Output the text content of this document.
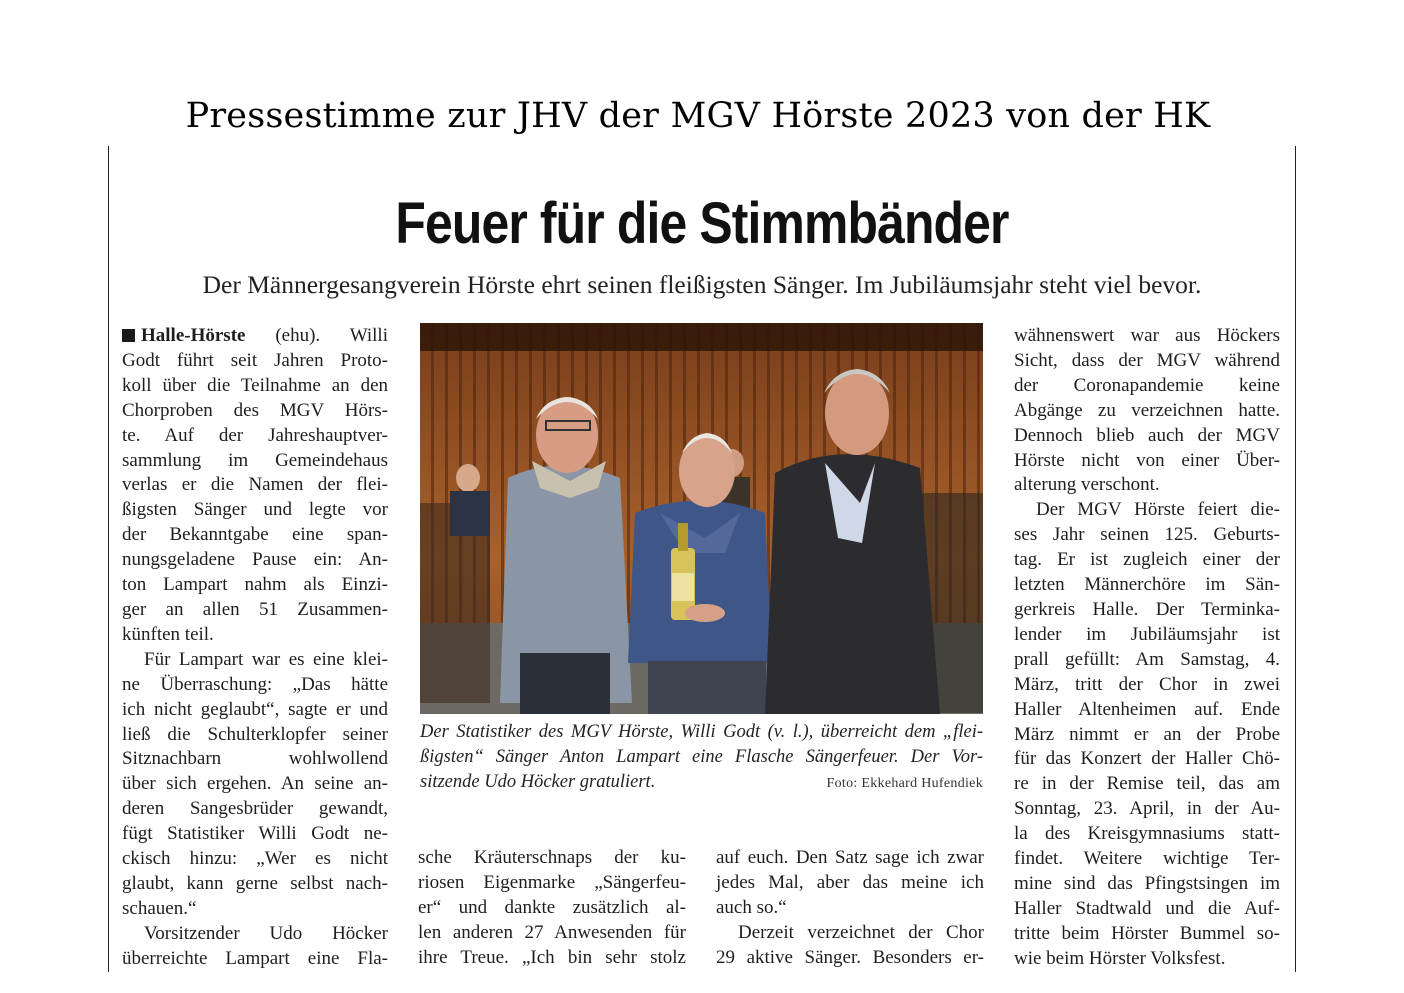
Pressestimme zur JHV der MGV Hörste 2023 von der HK
Feuer für die Stimmbänder
Der Männergesangverein Hörste ehrt seinen fleißigsten Sänger. Im Jubiläumsjahr steht viel bevor.
Halle-Hörste (ehu). Willi
Godt führt seit Jahren Proto-
koll über die Teilnahme an den
Chorproben des MGV Hörs-
te. Auf der Jahreshauptver-
sammlung im Gemeindehaus
verlas er die Namen der flei-
ßigsten Sänger und legte vor
der Bekanntgabe eine span-
nungsgeladene Pause ein: An-
ton Lampart nahm als Einzi-
ger an allen 51 Zusammen-
künften teil.
Für Lampart war es eine klei-
ne Überraschung: „Das hätte
ich nicht geglaubt“, sagte er und
ließ die Schulterklopfer seiner
Sitznachbarn wohlwollend
über sich ergehen. An seine an-
deren Sangesbrüder gewandt,
fügt Statistiker Willi Godt ne-
ckisch hinzu: „Wer es nicht
glaubt, kann gerne selbst nach-
schauen.“
Vorsitzender Udo Höcker
überreichte Lampart eine Fla-
Der Statistiker des MGV Hörste, Willi Godt (v. l.), überreicht dem „flei-
ßigsten“ Sänger Anton Lampart eine Flasche Sängerfeuer. Der Vor-
sitzende Udo Höcker gratuliert.	Foto: Ekkehard Hufendiek
sche Kräuterschnaps der ku-
riosen Eigenmarke „Sängerfeu-
er“ und dankte zusätzlich al-
len anderen 27 Anwesenden für
ihre Treue. „Ich bin sehr stolz
auf euch. Den Satz sage ich zwar
jedes Mal, aber das meine ich
auch so.“
Derzeit verzeichnet der Chor
29 aktive Sänger. Besonders er-
wähnenswert war aus Höckers
Sicht, dass der MGV während
der Coronapandemie keine
Abgänge zu verzeichnen hatte.
Dennoch blieb auch der MGV
Hörste nicht von einer Über-
alterung verschont.
Der MGV Hörste feiert die-
ses Jahr seinen 125. Geburts-
tag. Er ist zugleich einer der
letzten Männerchöre im Sän-
gerkreis Halle. Der Terminka-
lender im Jubiläumsjahr ist
prall gefüllt: Am Samstag, 4.
März, tritt der Chor in zwei
Haller Altenheimen auf. Ende
März nimmt er an der Probe
für das Konzert der Haller Chö-
re in der Remise teil, das am
Sonntag, 23. April, in der Au-
la des Kreisgymnasiums statt-
findet. Weitere wichtige Ter-
mine sind das Pfingstsingen im
Haller Stadtwald und die Auf-
tritte beim Hörster Bummel so-
wie beim Hörster Volksfest.
